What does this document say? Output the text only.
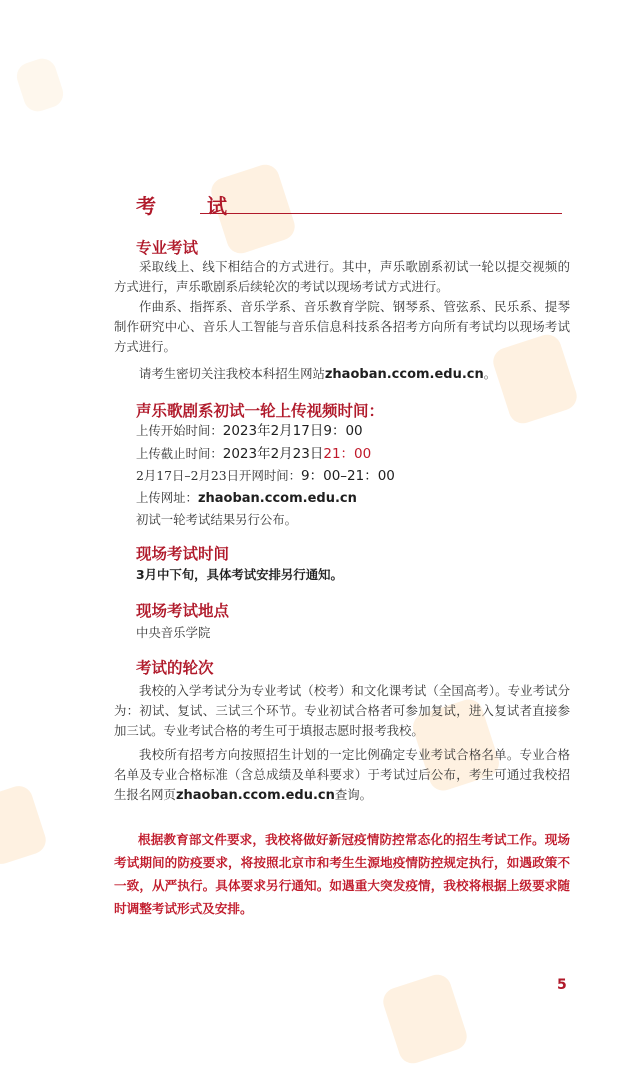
考 试
专业考试
采取线上、线下相结合的方式进行。其中，声乐歌剧系初试一轮以提交视频的方式进行，声乐歌剧系后续轮次的考试以现场考试方式进行。
作曲系、指挥系、音乐学系、音乐教育学院、钢琴系、管弦系、民乐系、提琴制作研究中心、音乐人工智能与音乐信息科技系各招考方向所有考试均以现场考试方式进行。
请考生密切关注我校本科招生网站zhaoban.ccom.edu.cn。
声乐歌剧系初试一轮上传视频时间：
上传开始时间：2023年2月17日9：00
上传截止时间：2023年2月23日21：00
2月17日–2月23日开网时间：9：00–21：00
上传网址：zhaoban.ccom.edu.cn
初试一轮考试结果另行公布。
现场考试时间
3月中下旬，具体考试安排另行通知。
现场考试地点
中央音乐学院
考试的轮次
我校的入学考试分为专业考试（校考）和文化课考试（全国高考）。专业考试分为：初试、复试、三试三个环节。专业初试合格者可参加复试，进入复试者直接参加三试。专业考试合格的考生可于填报志愿时报考我校。
我校所有招考方向按照招生计划的一定比例确定专业考试合格名单。专业合格名单及专业合格标准（含总成绩及单科要求）于考试过后公布，考生可通过我校招生报名网页zhaoban.ccom.edu.cn查询。
根据教育部文件要求，我校将做好新冠疫情防控常态化的招生考试工作。现场考试期间的防疫要求，将按照北京市和考生生源地疫情防控规定执行，如遇政策不一致，从严执行。具体要求另行通知。如遇重大突发疫情，我校将根据上级要求随时调整考试形式及安排。
5
